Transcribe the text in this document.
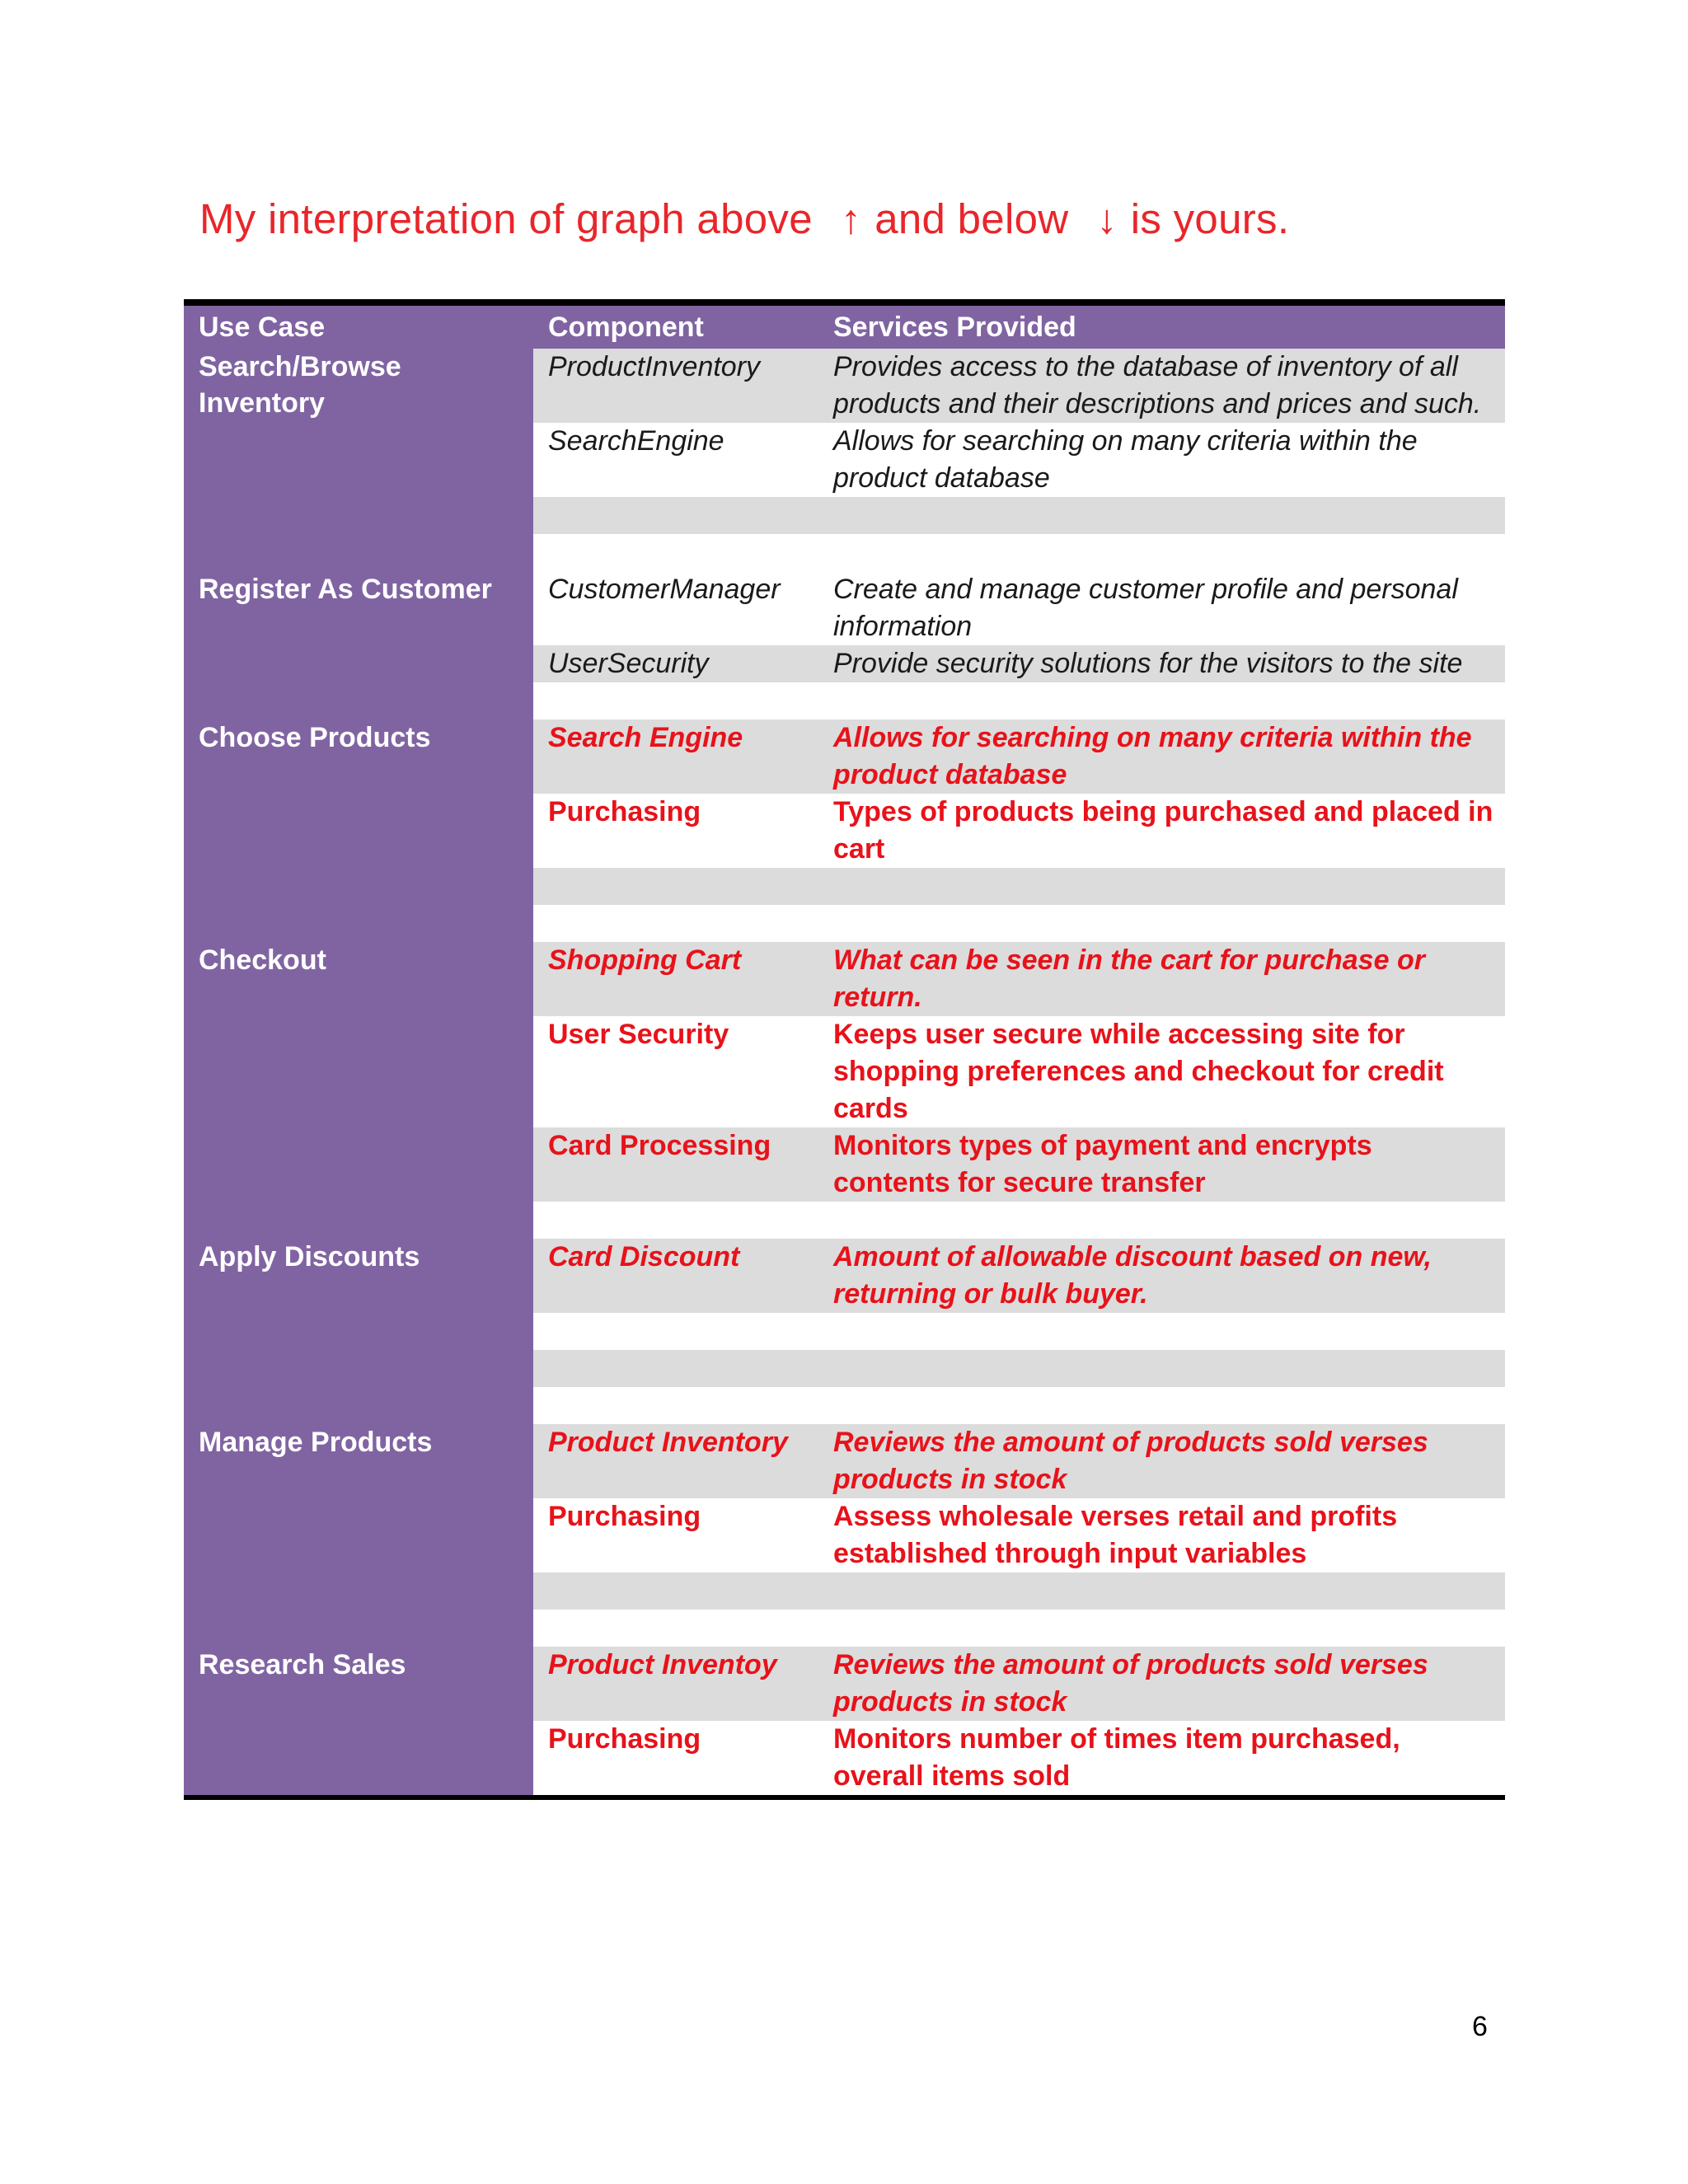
My interpretation of graph above ↑ and below ↓ is yours.
Use Case	Component	Services Provided
Search/Browse Inventory
ProductInventory	Provides access to the database of inventory of all products and their descriptions and prices and such.
SearchEngine	Allows for searching on many criteria within the product database
Register As Customer	CustomerManager	Create and manage customer profile and personal information
UserSecurity	Provide security solutions for the visitors to the site
Choose Products	Search Engine	Allows for searching on many criteria within the product database
Purchasing	Types of products being purchased and placed in cart
Checkout	Shopping Cart	What can be seen in the cart for purchase or return.
User Security	Keeps user secure while accessing site for shopping preferences and checkout for credit cards
Card Processing	Monitors types of payment and encrypts contents for secure transfer
Apply Discounts	Card Discount	Amount of allowable discount based on new, returning or bulk buyer.
Manage Products	Product Inventory	Reviews the amount of products sold verses products in stock
Purchasing	Assess wholesale verses retail and profits established through input variables
Research Sales	Product Inventoy	Reviews the amount of products sold verses products in stock
Purchasing	Monitors number of times item purchased, overall items sold
6
